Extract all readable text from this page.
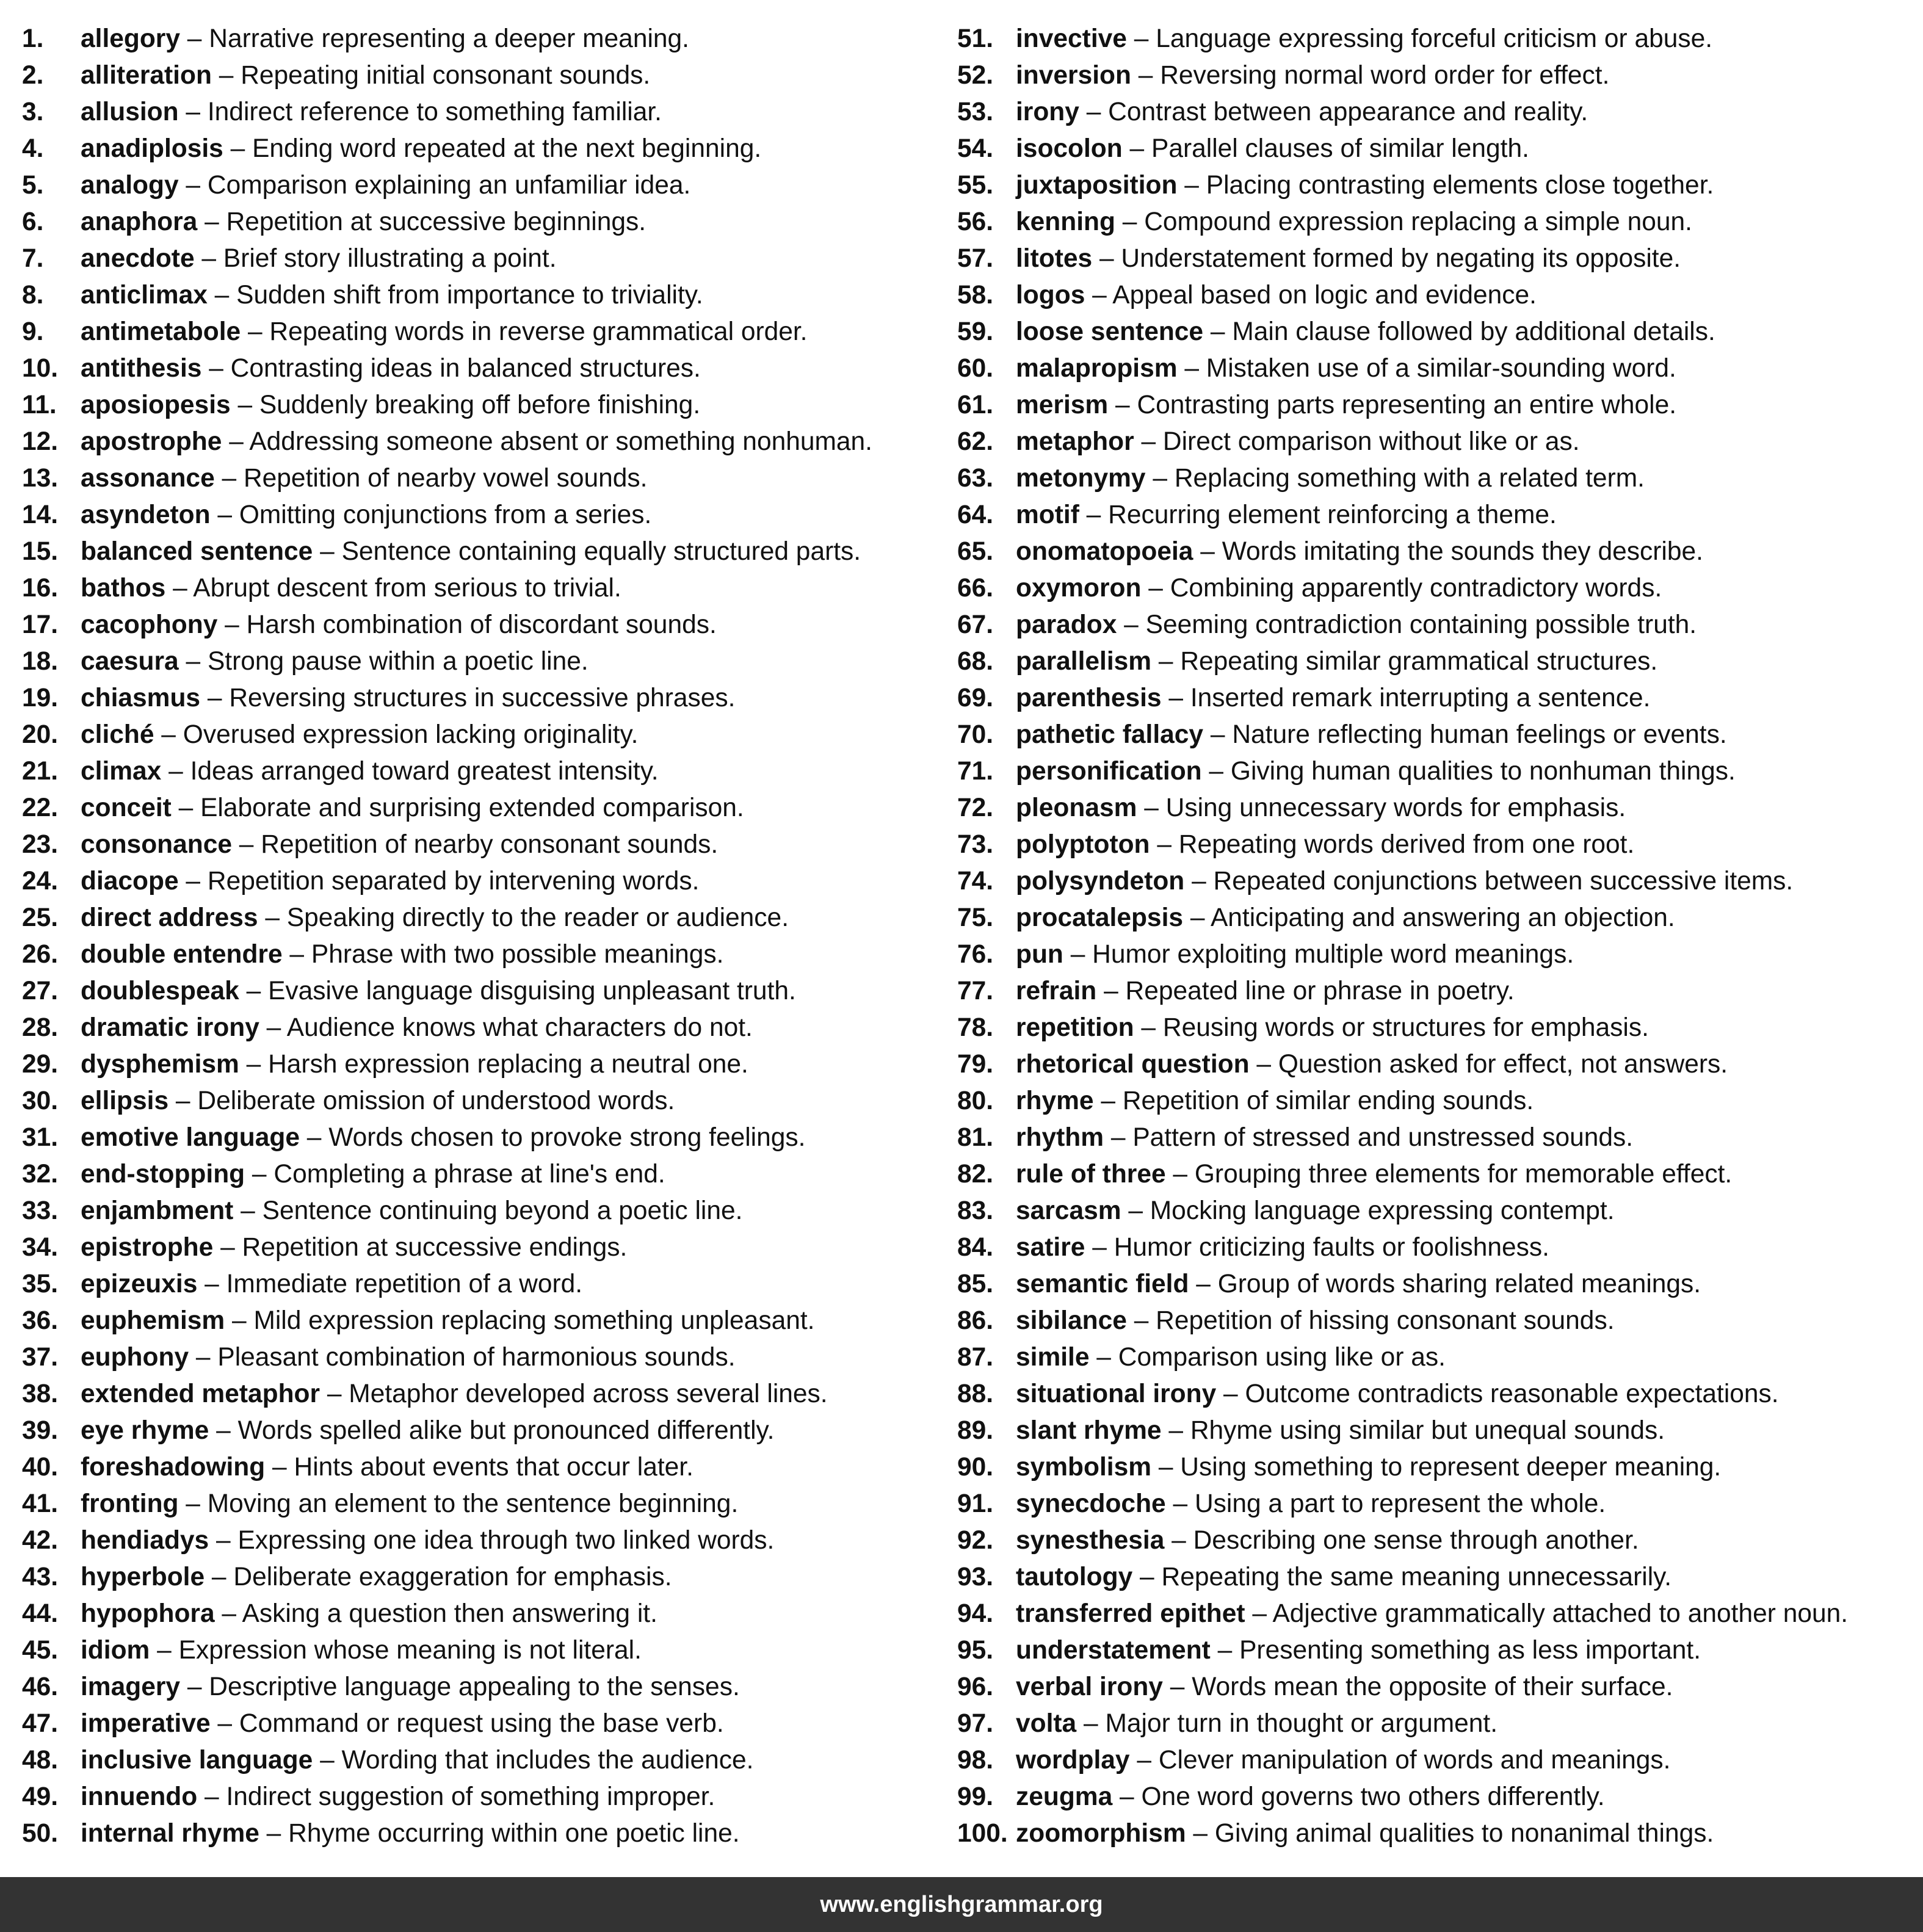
1.	allegory – Narrative representing a deeper meaning.
2.	alliteration – Repeating initial consonant sounds.
3.	allusion – Indirect reference to something familiar.
4.	anadiplosis – Ending word repeated at the next beginning.
5.	analogy – Comparison explaining an unfamiliar idea.
6.	anaphora – Repetition at successive beginnings.
7.	anecdote – Brief story illustrating a point.
8.	anticlimax – Sudden shift from importance to triviality.
9.	antimetabole – Repeating words in reverse grammatical order.
10. antithesis – Contrasting ideas in balanced structures.
11. aposiopesis – Suddenly breaking off before finishing.
12. apostrophe – Addressing someone absent or something nonhuman.
13. assonance – Repetition of nearby vowel sounds.
14. asyndeton – Omitting conjunctions from a series.
15. balanced sentence – Sentence containing equally structured parts.
16. bathos – Abrupt descent from serious to trivial.
17. cacophony – Harsh combination of discordant sounds.
18. caesura – Strong pause within a poetic line.
19. chiasmus – Reversing structures in successive phrases.
20. cliché – Overused expression lacking originality.
21. climax – Ideas arranged toward greatest intensity.
22. conceit – Elaborate and surprising extended comparison.
23. consonance – Repetition of nearby consonant sounds.
24. diacope – Repetition separated by intervening words.
25. direct address – Speaking directly to the reader or audience.
26. double entendre – Phrase with two possible meanings.
27. doublespeak – Evasive language disguising unpleasant truth.
28. dramatic irony – Audience knows what characters do not.
29. dysphemism – Harsh expression replacing a neutral one.
30. ellipsis – Deliberate omission of understood words.
31. emotive language – Words chosen to provoke strong feelings.
32. end-stopping – Completing a phrase at line's end.
33. enjambment – Sentence continuing beyond a poetic line.
34. epistrophe – Repetition at successive endings.
35. epizeuxis – Immediate repetition of a word.
36. euphemism – Mild expression replacing something unpleasant.
37. euphony – Pleasant combination of harmonious sounds.
38. extended metaphor – Metaphor developed across several lines.
39. eye rhyme – Words spelled alike but pronounced differently.
40. foreshadowing – Hints about events that occur later.
41. fronting – Moving an element to the sentence beginning.
42. hendiadys – Expressing one idea through two linked words.
43. hyperbole – Deliberate exaggeration for emphasis.
44. hypophora – Asking a question then answering it.
45. idiom – Expression whose meaning is not literal.
46. imagery – Descriptive language appealing to the senses.
47. imperative – Command or request using the base verb.
48. inclusive language – Wording that includes the audience.
49. innuendo – Indirect suggestion of something improper.
50. internal rhyme – Rhyme occurring within one poetic line.
51. invective – Language expressing forceful criticism or abuse.
52. inversion – Reversing normal word order for effect.
53. irony – Contrast between appearance and reality.
54. isocolon – Parallel clauses of similar length.
55. juxtaposition – Placing contrasting elements close together.
56. kenning – Compound expression replacing a simple noun.
57. litotes – Understatement formed by negating its opposite.
58. logos – Appeal based on logic and evidence.
59. loose sentence – Main clause followed by additional details.
60. malapropism – Mistaken use of a similar-sounding word.
61. merism – Contrasting parts representing an entire whole.
62. metaphor – Direct comparison without like or as.
63. metonymy – Replacing something with a related term.
64. motif – Recurring element reinforcing a theme.
65. onomatopoeia – Words imitating the sounds they describe.
66. oxymoron – Combining apparently contradictory words.
67. paradox – Seeming contradiction containing possible truth.
68. parallelism – Repeating similar grammatical structures.
69. parenthesis – Inserted remark interrupting a sentence.
70. pathetic fallacy – Nature reflecting human feelings or events.
71. personification – Giving human qualities to nonhuman things.
72. pleonasm – Using unnecessary words for emphasis.
73. polyptoton – Repeating words derived from one root.
74. polysyndeton – Repeated conjunctions between successive items.
75. procatalepsis – Anticipating and answering an objection.
76. pun – Humor exploiting multiple word meanings.
77. refrain – Repeated line or phrase in poetry.
78. repetition – Reusing words or structures for emphasis.
79. rhetorical question – Question asked for effect, not answers.
80. rhyme – Repetition of similar ending sounds.
81. rhythm – Pattern of stressed and unstressed sounds.
82. rule of three – Grouping three elements for memorable effect.
83. sarcasm – Mocking language expressing contempt.
84. satire – Humor criticizing faults or foolishness.
85. semantic field – Group of words sharing related meanings.
86. sibilance – Repetition of hissing consonant sounds.
87. simile – Comparison using like or as.
88. situational irony – Outcome contradicts reasonable expectations.
89. slant rhyme – Rhyme using similar but unequal sounds.
90. symbolism – Using something to represent deeper meaning.
91. synecdoche – Using a part to represent the whole.
92. synesthesia – Describing one sense through another.
93. tautology – Repeating the same meaning unnecessarily.
94. transferred epithet – Adjective grammatically attached to another noun.
95. understatement – Presenting something as less important.
96. verbal irony – Words mean the opposite of their surface.
97. volta – Major turn in thought or argument.
98. wordplay – Clever manipulation of words and meanings.
99. zeugma – One word governs two others differently.
100. zoomorphism – Giving animal qualities to nonanimal things.
www.englishgrammar.org
